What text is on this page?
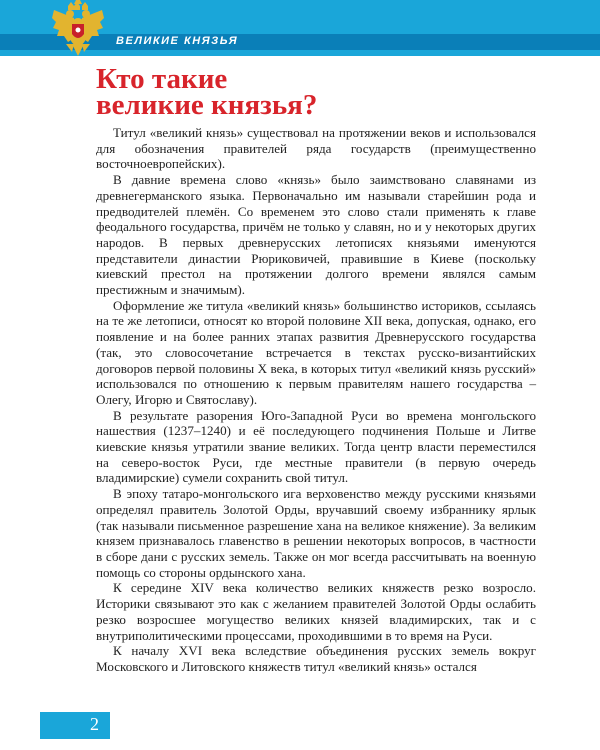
ВЕЛИКИЕ КНЯЗЬЯ
Кто такие
великие князья?

Титул «великий князь» существовал на протяжении веков и использовался для обозначения правителей ряда государств (преимущественно восточноевропейских).

В давние времена слово «князь» было заимствовано славянами из древнегерманского языка. Первоначально им называли старейшин рода и предводителей племён. Со временем это слово стали применять к главе феодального государства, причём не только у славян, но и у некоторых других народов. В первых древнерусских летописях князьями именуются представители династии Рюриковичей, правившие в Киеве (поскольку киевский престол на протяжении долгого времени являлся самым престижным и значимым).

Оформление же титула «великий князь» большинство историков, ссылаясь на те же летописи, относят ко второй половине XII века, допуская, однако, его появление и на более ранних этапах развития Древнерусского государства (так, это словосочетание встречается в текстах русско-византийских договоров первой половины X века, в которых титул «великий князь русский» использовался по отношению к первым правителям нашего государства – Олегу, Игорю и Святославу).

В результате разорения Юго-Западной Руси во времена монгольского нашествия (1237–1240) и её последующего подчинения Польше и Литве киевские князья утратили звание великих. Тогда центр власти переместился на северо-восток Руси, где местные правители (в первую очередь владимирские) сумели сохранить свой титул.

В эпоху татаро-монгольского ига верховенство между русскими князьями определял правитель Золотой Орды, вручавший своему избраннику ярлык (так называли письменное разрешение хана на великое княжение). За великим князем признавалось главенство в решении некоторых вопросов, в частности в сборе дани с русских земель. Также он мог всегда рассчитывать на военную помощь со стороны ордынского хана.

К середине XIV века количество великих княжеств резко возросло. Историки связывают это как с желанием правителей Золотой Орды ослабить резко возросшее могущество великих князей владимирских, так и с внутриполитическими процессами, проходившими в то время на Руси.

К началу XVI века вследствие объединения русских земель вокруг Московского и Литовского княжеств титул «великий князь» остался

2
